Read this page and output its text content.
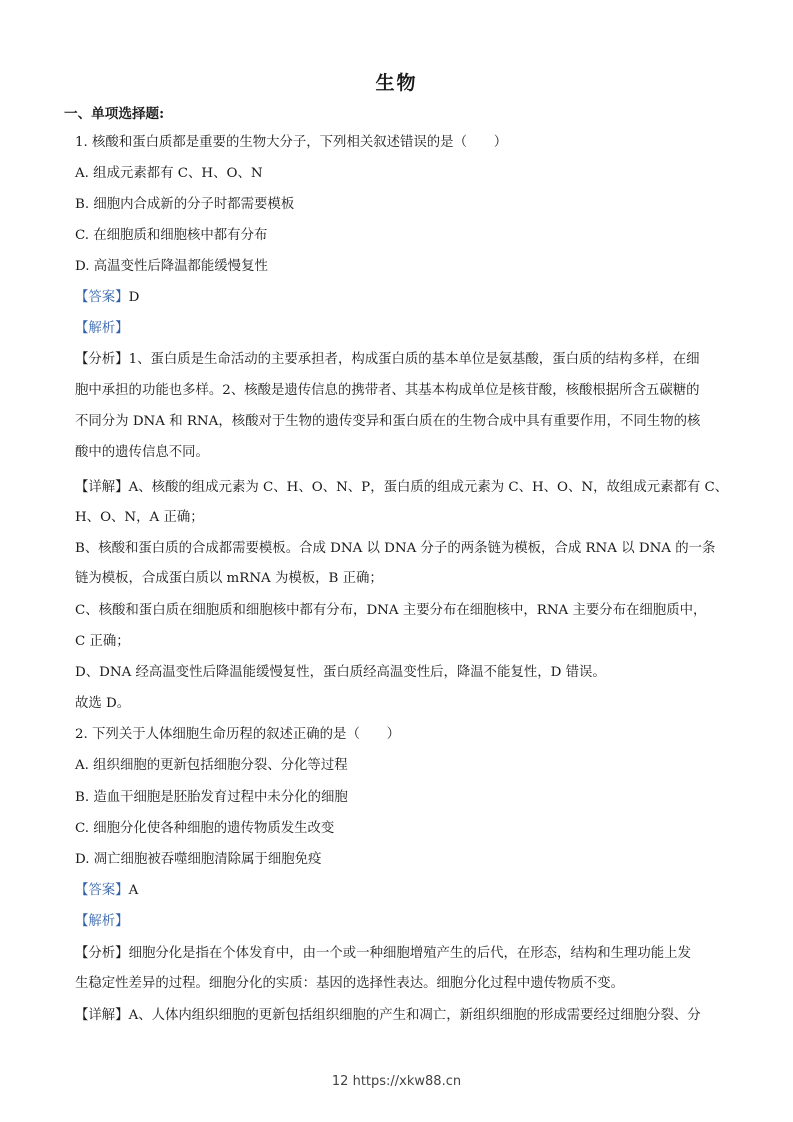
生物
一、单项选择题:
1. 核酸和蛋白质都是重要的生物大分子，下列相关叙述错误的是（　　）
A. 组成元素都有 C、H、O、N
B. 细胞内合成新的分子时都需要模板
C. 在细胞质和细胞核中都有分布
D. 高温变性后降温都能缓慢复性
【答案】D
【解析】
【分析】1、蛋白质是生命活动的主要承担者，构成蛋白质的基本单位是氨基酸，蛋白质的结构多样，在细
胞中承担的功能也多样。2、核酸是遗传信息的携带者、其基本构成单位是核苷酸，核酸根据所含五碳糖的
不同分为 DNA 和 RNA，核酸对于生物的遗传变异和蛋白质在的生物合成中具有重要作用，不同生物的核
酸中的遗传信息不同。
【详解】A、核酸的组成元素为 C、H、O、N、P，蛋白质的组成元素为 C、H、O、N，故组成元素都有 C、
H、O、N，A 正确；
B、核酸和蛋白质的合成都需要模板。合成 DNA 以 DNA 分子的两条链为模板，合成 RNA 以 DNA 的一条
链为模板，合成蛋白质以 mRNA 为模板，B 正确；
C、核酸和蛋白质在细胞质和细胞核中都有分布，DNA 主要分布在细胞核中，RNA 主要分布在细胞质中，
C 正确；
D、DNA 经高温变性后降温能缓慢复性，蛋白质经高温变性后，降温不能复性，D 错误。
故选 D。
2. 下列关于人体细胞生命历程的叙述正确的是（　　）
A. 组织细胞的更新包括细胞分裂、分化等过程
B. 造血干细胞是胚胎发育过程中未分化的细胞
C. 细胞分化使各种细胞的遗传物质发生改变
D. 凋亡细胞被吞噬细胞清除属于细胞免疫
【答案】A
【解析】
【分析】细胞分化是指在个体发育中，由一个或一种细胞增殖产生的后代，在形态，结构和生理功能上发
生稳定性差异的过程。细胞分化的实质：基因的选择性表达。细胞分化过程中遗传物质不变。
【详解】A、人体内组织细胞的更新包括组织细胞的产生和凋亡，新组织细胞的形成需要经过细胞分裂、分
12 https://xkw88.cn
